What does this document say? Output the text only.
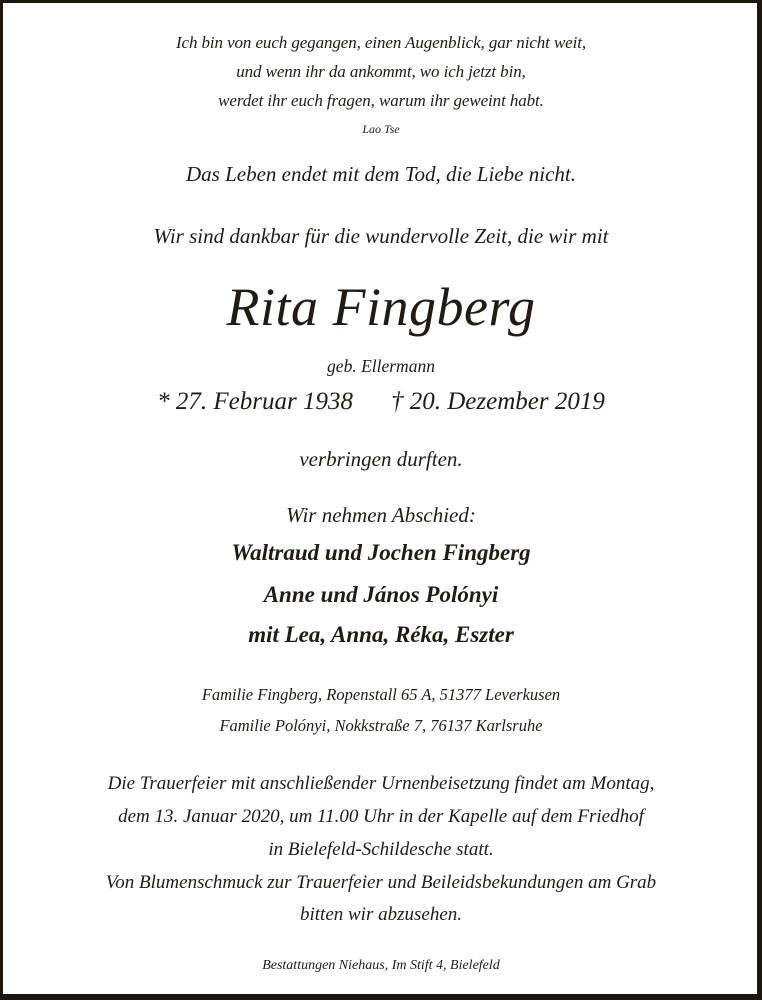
Ich bin von euch gegangen, einen Augenblick, gar nicht weit,
und wenn ihr da ankommt, wo ich jetzt bin,
werdet ihr euch fragen, warum ihr geweint habt.
Lao Tse
Das Leben endet mit dem Tod, die Liebe nicht.
Wir sind dankbar für die wundervolle Zeit, die wir mit
Rita Fingberg
geb. Ellermann
* 27. Februar 1938 † 20. Dezember 2019
verbringen durften.
Wir nehmen Abschied:
Waltraud und Jochen Fingberg
Anne und János Polónyi
mit Lea, Anna, Réka, Eszter
Familie Fingberg, Ropenstall 65 A, 51377 Leverkusen
Familie Polónyi, Nokkstraße 7, 76137 Karlsruhe
Die Trauerfeier mit anschließender Urnenbeisetzung findet am Montag,
dem 13. Januar 2020, um 11.00 Uhr in der Kapelle auf dem Friedhof
in Bielefeld-Schildesche statt.
Von Blumenschmuck zur Trauerfeier und Beileidsbekundungen am Grab
bitten wir abzusehen.
Bestattungen Niehaus, Im Stift 4, Bielefeld
